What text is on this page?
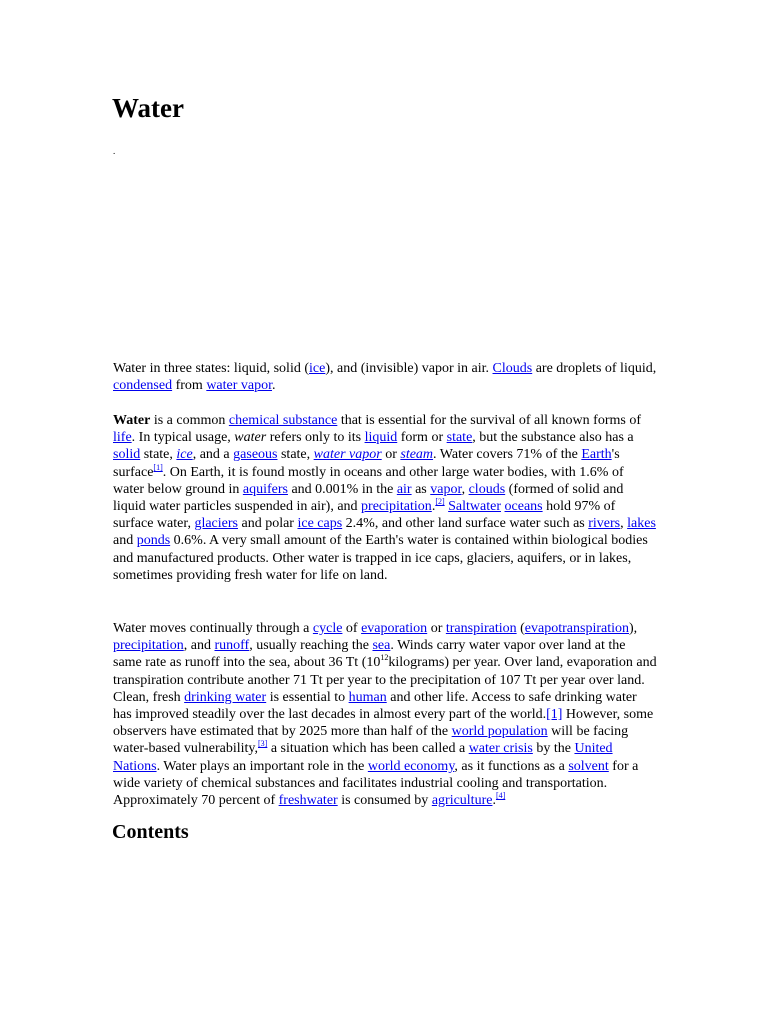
Water
.

Water in three states: liquid, solid (ice), and (invisible) vapor in air. Clouds are droplets of liquid, condensed from water vapor.

Water is a common chemical substance that is essential for the survival of all known forms of life. In typical usage, water refers only to its liquid form or state, but the substance also has a solid state, ice, and a gaseous state, water vapor or steam. Water covers 71% of the Earth's surface[1]. On Earth, it is found mostly in oceans and other large water bodies, with 1.6% of water below ground in aquifers and 0.001% in the air as vapor, clouds (formed of solid and liquid water particles suspended in air), and precipitation.[2] Saltwater oceans hold 97% of surface water, glaciers and polar ice caps 2.4%, and other land surface water such as rivers, lakes and ponds 0.6%. A very small amount of the Earth's water is contained within biological bodies and manufactured products. Other water is trapped in ice caps, glaciers, aquifers, or in lakes, sometimes providing fresh water for life on land.

Water moves continually through a cycle of evaporation or transpiration (evapotranspiration), precipitation, and runoff, usually reaching the sea. Winds carry water vapor over land at the same rate as runoff into the sea, about 36 Tt $(10^{12}kilograms)$ per year. Over land, evaporation and transpiration contribute another 71 Tt per year to the precipitation of 107 Tt per year over land. Clean, fresh drinking water is essential to human and other life. Access to safe drinking water has improved steadily over the last decades in almost every part of the world.[1] However, some observers have estimated that by 2025 more than half of the world population will be facing water-based vulnerability,[3] a situation which has been called a water crisis by the United Nations. Water plays an important role in the world economy, as it functions as a solvent for a wide variety of chemical substances and facilitates industrial cooling and transportation. Approximately 70 percent of freshwater is consumed by agriculture.[4]

Contents
